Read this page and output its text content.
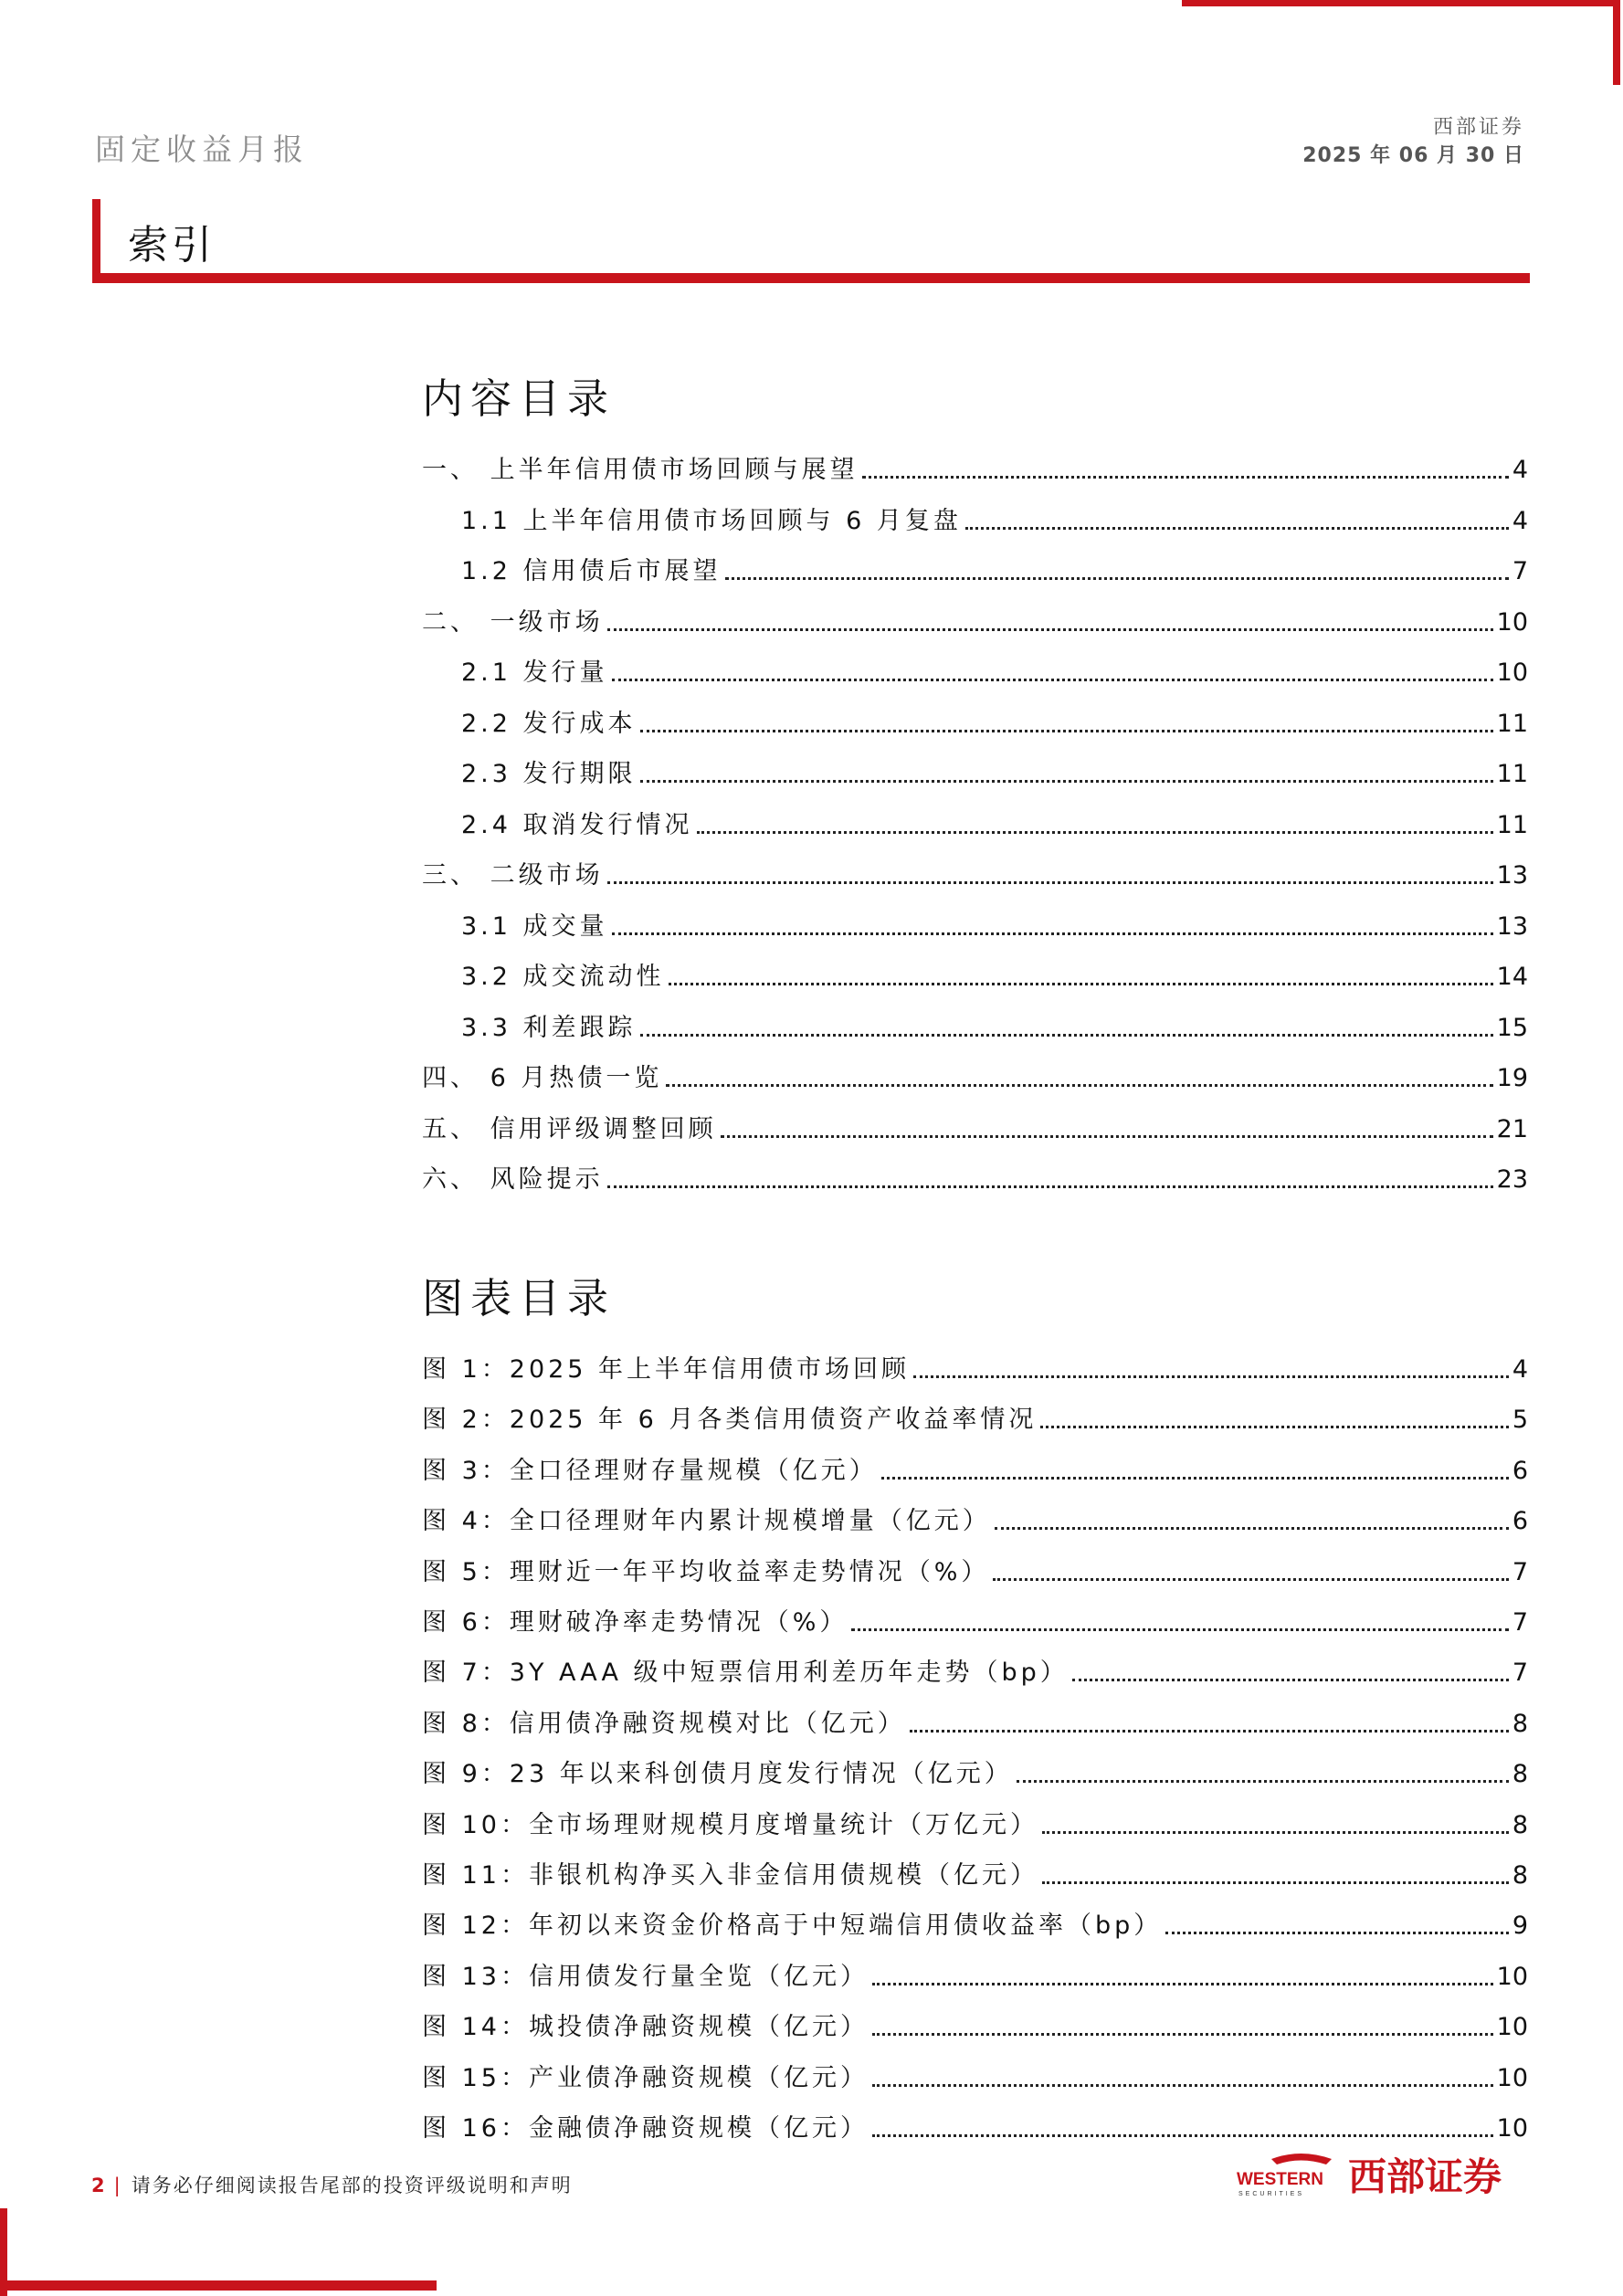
固定收益月报
西部证券
2025 年 06 月 30 日
索引
内容目录
一、 上半年信用债市场回顾与展望	4
1.1 上半年信用债市场回顾与 6 月复盘	4
1.2 信用债后市展望	7
二、 一级市场	10
2.1 发行量	10
2.2 发行成本	11
2.3 发行期限	11
2.4 取消发行情况	11
三、 二级市场	13
3.1 成交量	13
3.2 成交流动性	14
3.3 利差跟踪	15
四、 6 月热债一览	19
五、 信用评级调整回顾	21
六、 风险提示	23
图表目录
图 1：2025 年上半年信用债市场回顾	4
图 2：2025 年 6 月各类信用债资产收益率情况	5
图 3：全口径理财存量规模（亿元）	6
图 4：全口径理财年内累计规模增量（亿元）	6
图 5：理财近一年平均收益率走势情况（%）	7
图 6：理财破净率走势情况（%）	7
图 7：3Y AAA 级中短票信用利差历年走势（bp）	7
图 8：信用债净融资规模对比（亿元）	8
图 9：23 年以来科创债月度发行情况（亿元）	8
图 10：全市场理财规模月度增量统计（万亿元）	8
图 11：非银机构净买入非金信用债规模（亿元）	8
图 12：年初以来资金价格高于中短端信用债收益率（bp）	9
图 13：信用债发行量全览（亿元）	10
图 14：城投债净融资规模（亿元）	10
图 15：产业债净融资规模（亿元）	10
图 16：金融债净融资规模（亿元）	10
2 | 请务必仔细阅读报告尾部的投资评级说明和声明	WESTERN
SECURITIES 西部证券
